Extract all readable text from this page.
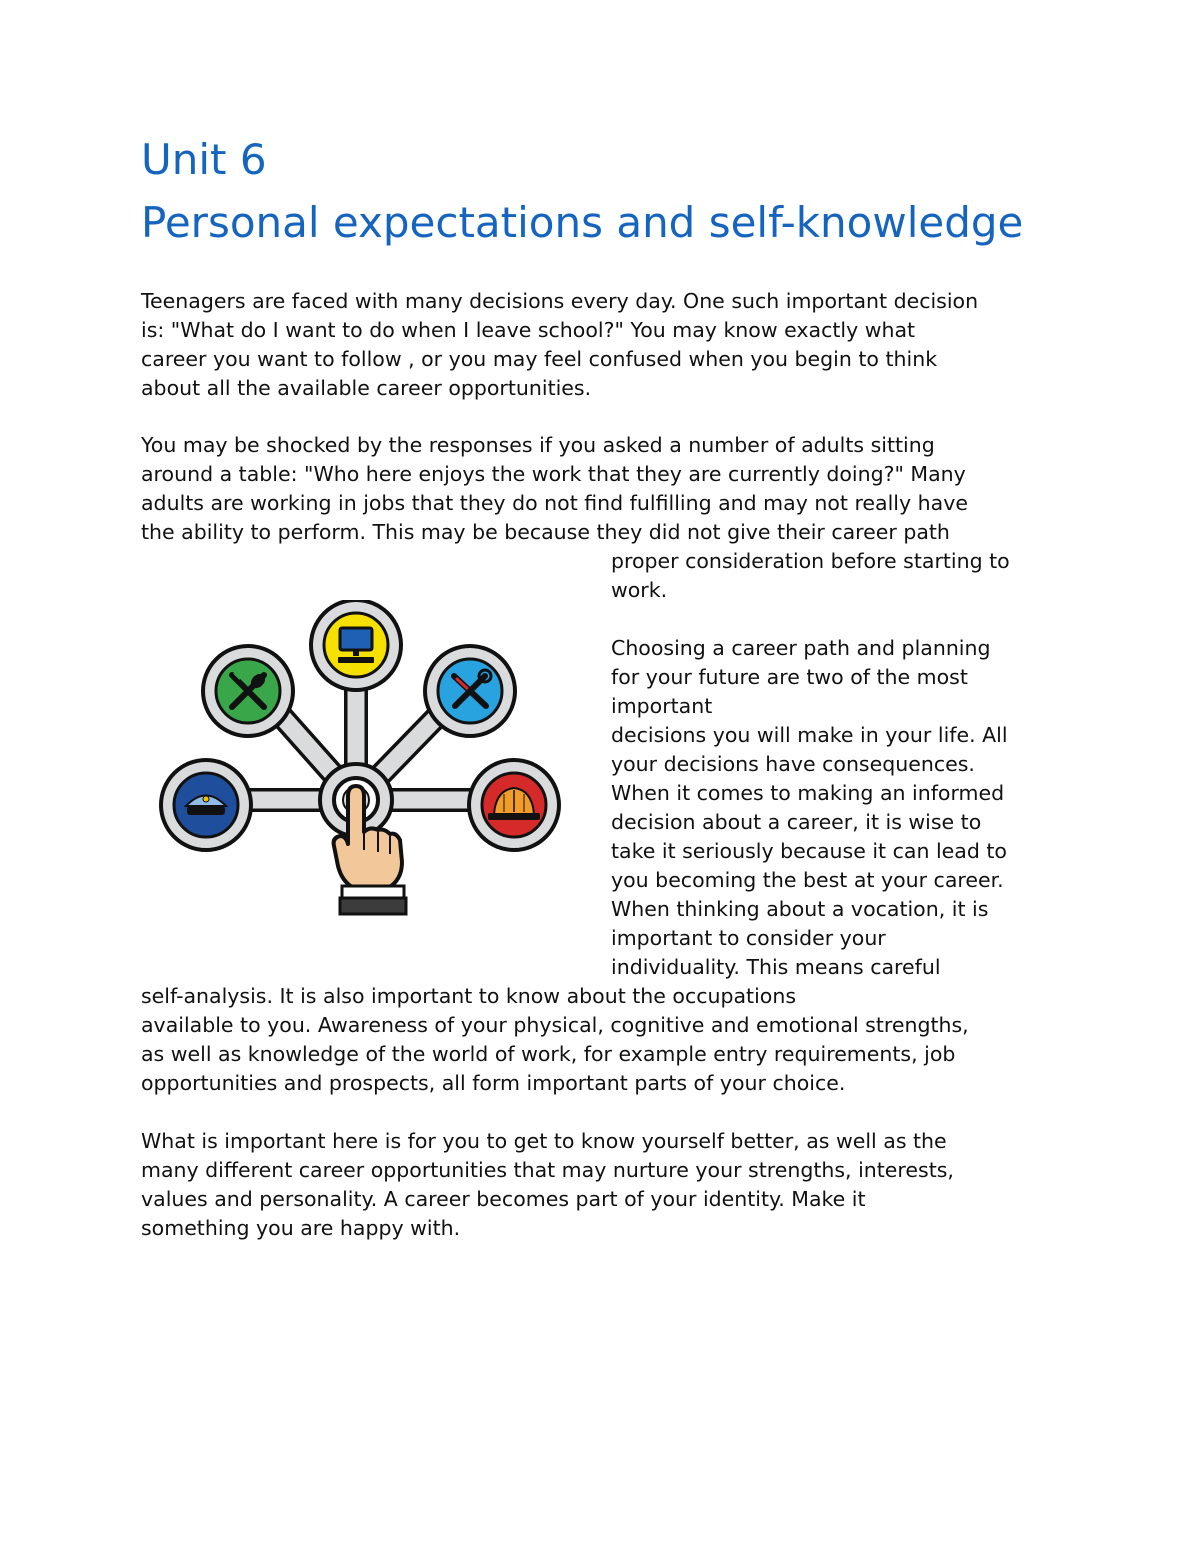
Unit 6
Personal expectations and self-knowledge
Teenagers are faced with many decisions every day. One such important decision
is: "What do I want to do when I leave school?" You may know exactly what
career you want to follow , or you may feel confused when you begin to think
about all the available career opportunities.
You may be shocked by the responses if you asked a number of adults sitting
around a table: "Who here enjoys the work that they are currently doing?" Many
adults are working in jobs that they do not find fulfilling and may not really have
the ability to perform. This may be because they did not give their career path
proper consideration before starting to
work.
Choosing a career path and planning
for your future are two of the most
important
decisions you will make in your life. All
your decisions have consequences.
When it comes to making an informed
decision about a career, it is wise to
take it seriously because it can lead to
you becoming the best at your career.
When thinking about a vocation, it is
important to consider your
individuality. This means careful
self-analysis. It is also important to know about the occupations
available to you. Awareness of your physical, cognitive and emotional strengths,
as well as knowledge of the world of work, for example entry requirements, job
opportunities and prospects, all form important parts of your choice.
What is important here is for you to get to know yourself better, as well as the
many different career opportunities that may nurture your strengths, interests,
values and personality. A career becomes part of your identity. Make it
something you are happy with.
